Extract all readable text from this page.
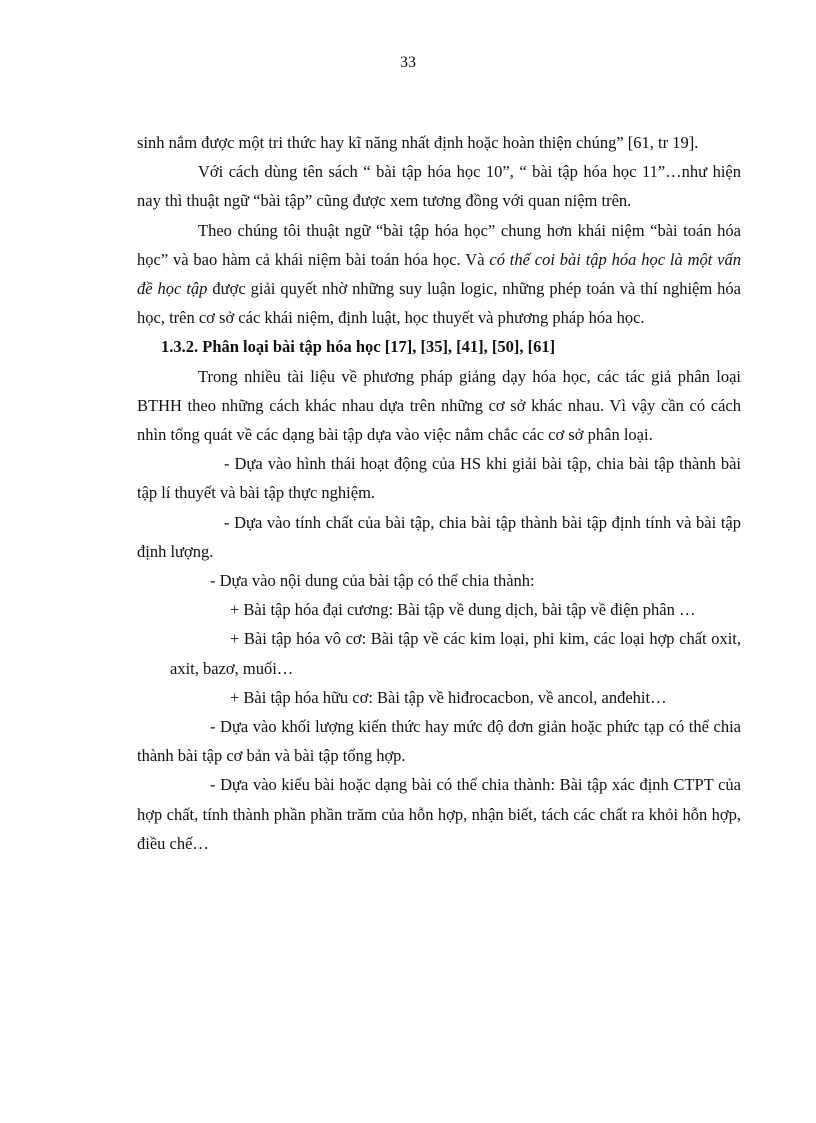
33

sinh nắm được một tri thức hay kĩ năng nhất định hoặc hoàn thiện chúng” [61, tr 19].

Với cách dùng tên sách “ bài tập hóa học 10”, “ bài tập hóa học 11”…như hiện nay thì thuật ngữ “bài tập” cũng được xem tương đồng với quan niệm trên.

Theo chúng tôi thuật ngữ “bài tập hóa học” chung hơn khái niệm “bài toán hóa học” và bao hàm cả khái niệm bài toán hóa học. Và có thể coi bài tập hóa học là một vấn đề học tập được giải quyết nhờ những suy luận logic, những phép toán và thí nghiệm hóa học, trên cơ sở các khái niệm, định luật, học thuyết và phương pháp hóa học.

1.3.2. Phân loại bài tập hóa học [17], [35], [41], [50], [61]

Trong nhiều tài liệu về phương pháp giảng dạy hóa học, các tác giả phân loại BTHH theo những cách khác nhau dựa trên những cơ sở khác nhau. Vì vậy cần có cách nhìn tổng quát về các dạng bài tập dựa vào việc nắm chắc các cơ sở phân loại.

- Dựa vào hình thái hoạt động của HS khi giải bài tập, chia bài tập thành bài tập lí thuyết và bài tập thực nghiệm.

- Dựa vào tính chất của bài tập, chia bài tập thành bài tập định tính và bài tập định lượng.

- Dựa vào nội dung của bài tập có thể chia thành:

+ Bài tập hóa đại cương: Bài tập về dung dịch, bài tập về điện phân …

+ Bài tập hóa vô cơ: Bài tập về các kim loại, phi kim, các loại hợp chất oxit, axit, bazơ, muối…

+ Bài tập hóa hữu cơ: Bài tập về hiđrocacbon, về ancol, anđehit…

- Dựa vào khối lượng kiến thức hay mức độ đơn giản hoặc phức tạp có thể chia thành bài tập cơ bản và bài tập tổng hợp.

- Dựa vào kiểu bài hoặc dạng bài có thể chia thành: Bài tập xác định CTPT của hợp chất, tính thành phần phần trăm của hỗn hợp, nhận biết, tách các chất ra khỏi hỗn hợp, điều chế…
